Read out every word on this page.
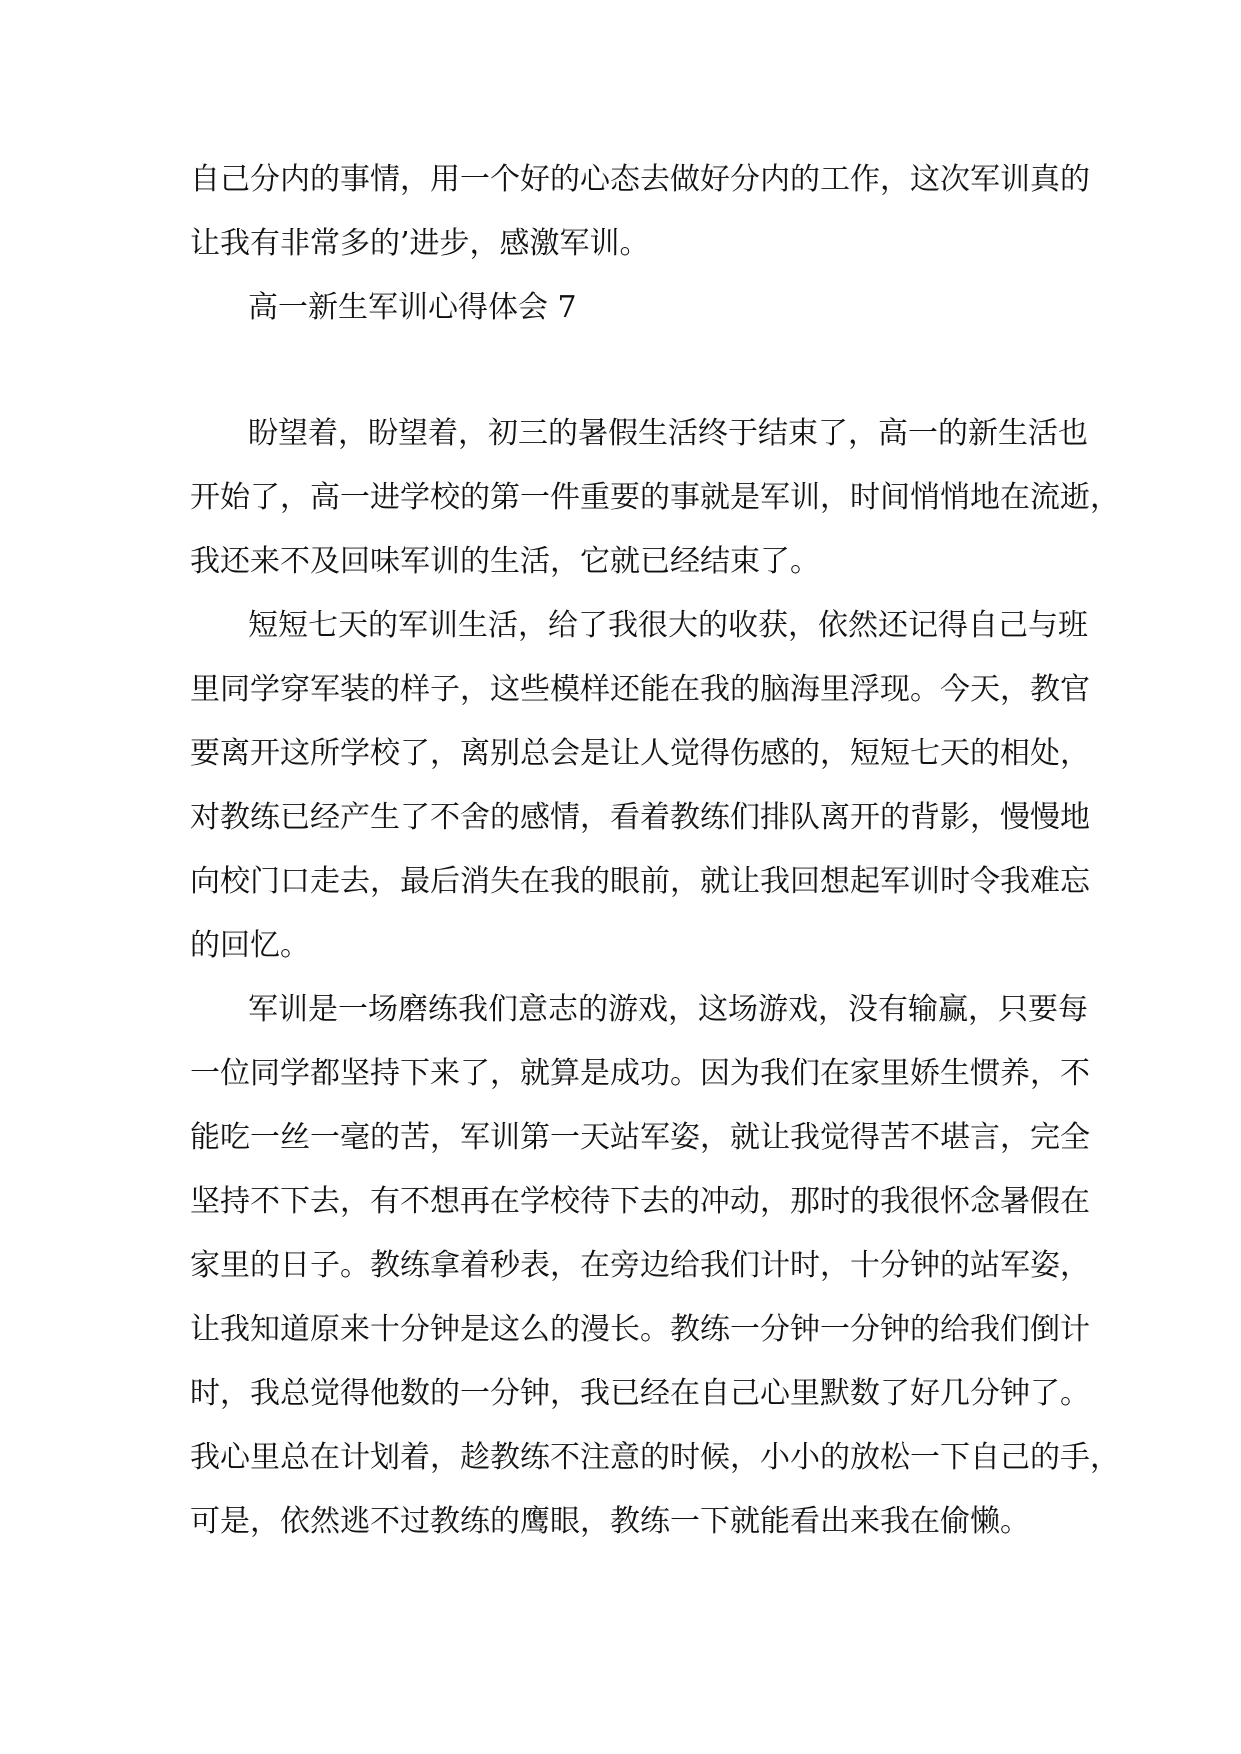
自己分内的事情，用一个好的心态去做好分内的工作，这次军训真的
让我有非常多的’进步，感激军训。
高一新生军训心得体会 7
盼望着，盼望着，初三的暑假生活终于结束了，高一的新生活也
开始了，高一进学校的第一件重要的事就是军训，时间悄悄地在流逝，
我还来不及回味军训的生活，它就已经结束了。
短短七天的军训生活，给了我很大的收获，依然还记得自己与班
里同学穿军装的样子，这些模样还能在我的脑海里浮现。今天，教官
要离开这所学校了，离别总会是让人觉得伤感的，短短七天的相处，
对教练已经产生了不舍的感情，看着教练们排队离开的背影，慢慢地
向校门口走去，最后消失在我的眼前，就让我回想起军训时令我难忘
的回忆。
军训是一场磨练我们意志的游戏，这场游戏，没有输赢，只要每
一位同学都坚持下来了，就算是成功。因为我们在家里娇生惯养，不
能吃一丝一毫的苦，军训第一天站军姿，就让我觉得苦不堪言，完全
坚持不下去，有不想再在学校待下去的冲动，那时的我很怀念暑假在
家里的日子。教练拿着秒表，在旁边给我们计时，十分钟的站军姿，
让我知道原来十分钟是这么的漫长。教练一分钟一分钟的给我们倒计
时，我总觉得他数的一分钟，我已经在自己心里默数了好几分钟了。
我心里总在计划着，趁教练不注意的时候，小小的放松一下自己的手，
可是，依然逃不过教练的鹰眼，教练一下就能看出来我在偷懒。
